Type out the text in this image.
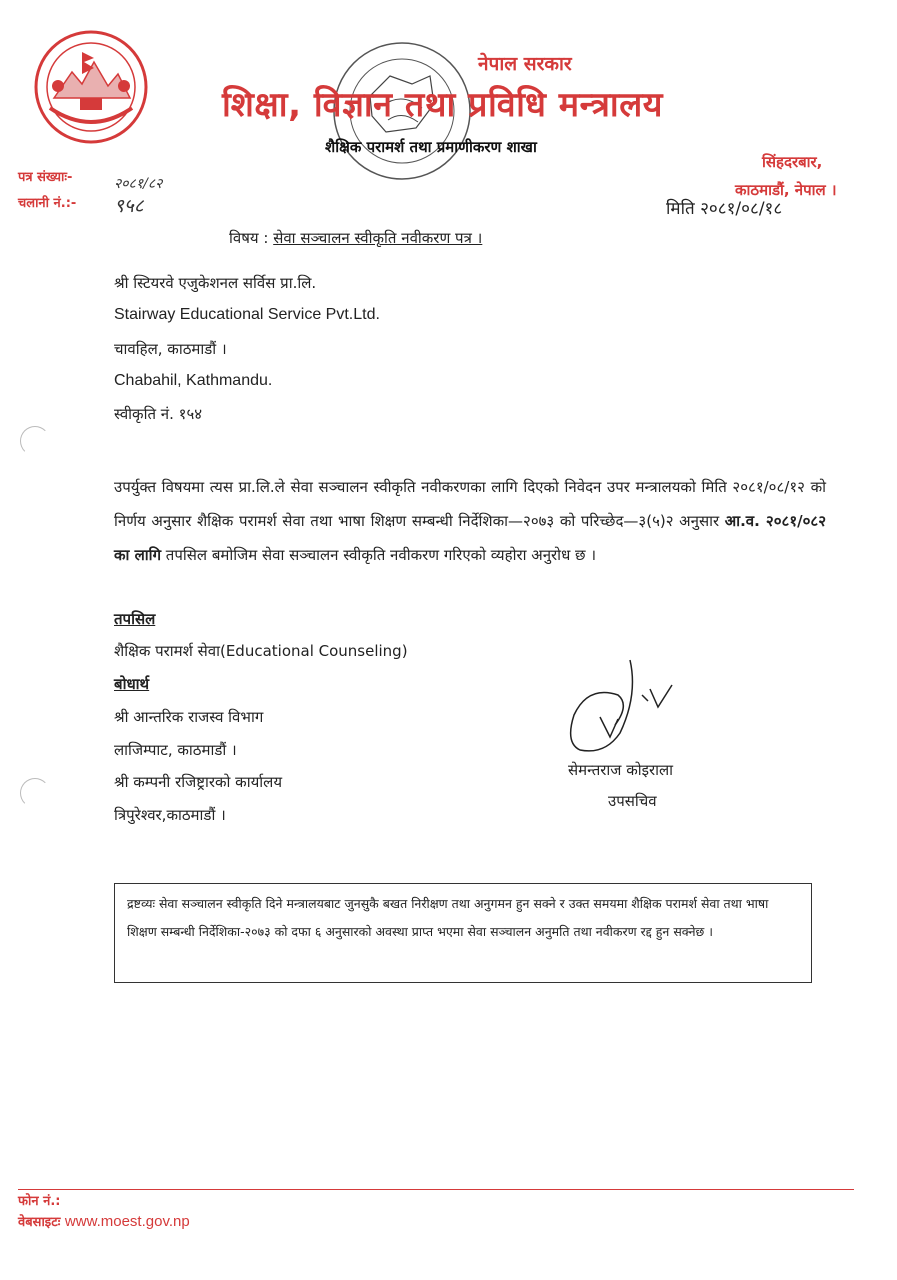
नेपाल सरकार
शिक्षा, विज्ञान तथा प्रविधि मन्त्रालय
शैक्षिक परामर्श तथा प्रमाणीकरण शाखा
पत्र संख्याः-	२०८१/८२
चलानी नं.:- ९५८
सिंहदरबार,
काठमाडौं, नेपाल ।
मिति २०८१/०८/१८
विषय : सेवा सञ्चालन स्वीकृति नवीकरण पत्र ।
श्री स्टियरवे एजुकेशनल सर्विस प्रा.लि.
Stairway Educational Service Pvt.Ltd.
चावहिल, काठमाडौं ।
Chabahil, Kathmandu.
स्वीकृति नं. १५४
उपर्युक्त विषयमा त्यस प्रा.लि.ले सेवा सञ्चालन स्वीकृति नवीकरणका लागि दिएको निवेदन उपर मन्त्रालयको मिति २०८१/०८/१२ को निर्णय अनुसार शैक्षिक परामर्श सेवा तथा भाषा शिक्षण सम्बन्धी निर्देशिका—२०७३ को परिच्छेद—३(५)२ अनुसार आ.व. २०८१/०८२ का लागि तपसिल बमोजिम सेवा सञ्चालन स्वीकृति नवीकरण गरिएको व्यहोरा अनुरोध छ ।
तपसिल
शैक्षिक परामर्श सेवा(Educational Counseling)
बोधार्थ
श्री आन्तरिक राजस्व विभाग
लाजिम्पाट, काठमाडौं ।
श्री कम्पनी रजिष्ट्रारको कार्यालय
त्रिपुरेश्वर,काठमाडौं ।
सेमन्तराज कोइराला
उपसचिव
द्रष्टव्यः सेवा सञ्चालन स्वीकृति दिने मन्त्रालयबाट जुनसुकै बखत निरीक्षण तथा अनुगमन हुन सक्ने र उक्त समयमा शैक्षिक परामर्श सेवा तथा भाषा शिक्षण सम्बन्धी निर्देशिका-२०७३ को दफा ६ अनुसारको अवस्था प्राप्त भएमा सेवा सञ्चालन अनुमति तथा नवीकरण रद्द हुन सक्नेछ ।
फोन नं.:
वेबसाइटः www.moest.gov.np
